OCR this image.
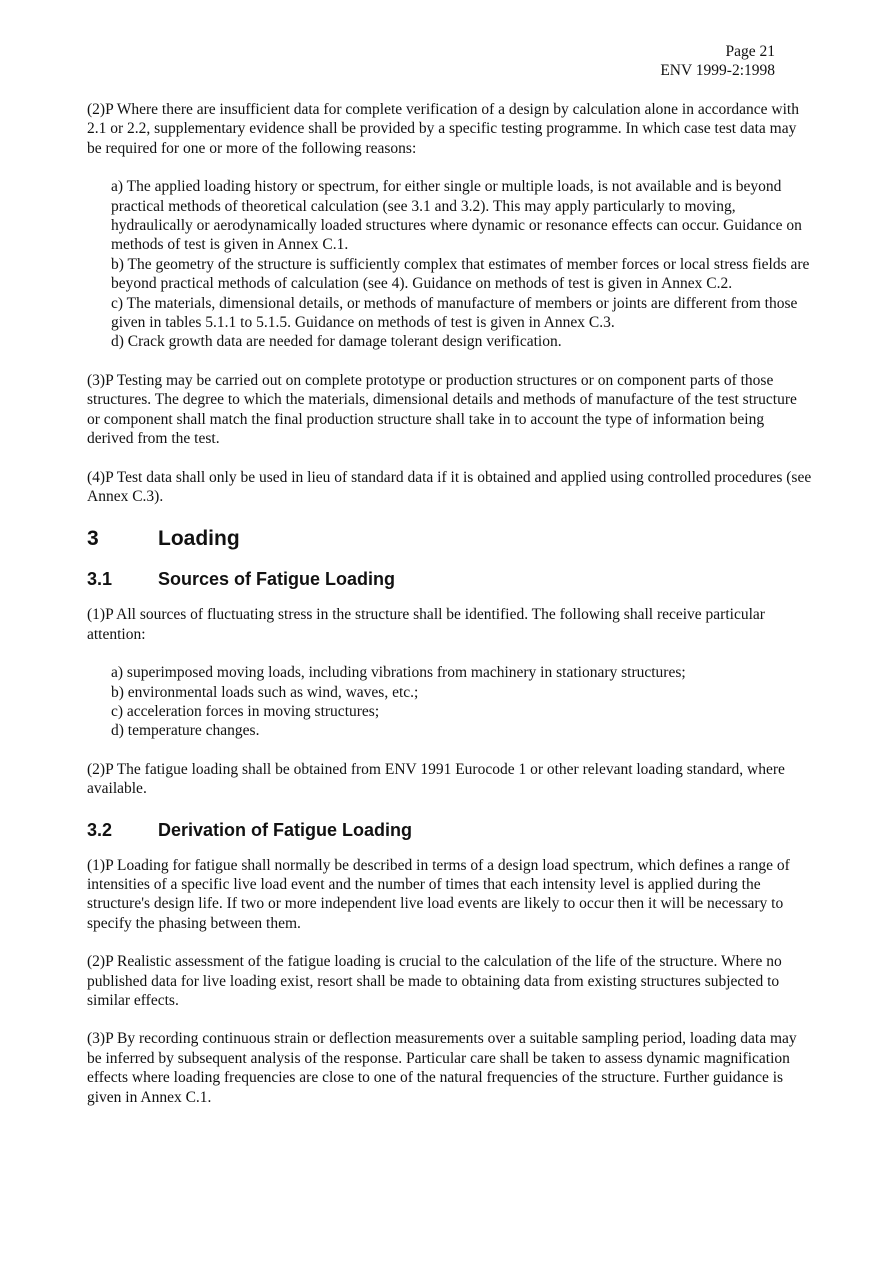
Page 21
ENV 1999-2:1998

(2)P Where there are insufficient data for complete verification of a design by calculation alone in accordance with 2.1 or 2.2, supplementary evidence shall be provided by a specific testing programme. In which case test data may be required for one or more of the following reasons:

a) The applied loading history or spectrum, for either single or multiple loads, is not available and is beyond practical methods of theoretical calculation (see 3.1 and 3.2). This may apply particularly to moving, hydraulically or aerodynamically loaded structures where dynamic or resonance effects can occur. Guidance on methods of test is given in Annex C.1.

b) The geometry of the structure is sufficiently complex that estimates of member forces or local stress fields are beyond practical methods of calculation (see 4). Guidance on methods of test is given in Annex C.2.

c) The materials, dimensional details, or methods of manufacture of members or joints are different from those given in tables 5.1.1 to 5.1.5. Guidance on methods of test is given in Annex C.3.

d) Crack growth data are needed for damage tolerant design verification.

(3)P Testing may be carried out on complete prototype or production structures or on component parts of those structures. The degree to which the materials, dimensional details and methods of manufacture of the test structure or component shall match the final production structure shall take in to account the type of information being derived from the test.

(4)P Test data shall only be used in lieu of standard data if it is obtained and applied using controlled procedures (see Annex C.3).

3	Loading
3.1	Sources of Fatigue Loading

(1)P All sources of fluctuating stress in the structure shall be identified. The following shall receive particular attention:

a) superimposed moving loads, including vibrations from machinery in stationary structures;

b) environmental loads such as wind, waves, etc.;

c) acceleration forces in moving structures;

d) temperature changes.

(2)P The fatigue loading shall be obtained from ENV 1991 Eurocode 1 or other relevant loading standard, where available.

3.2	Derivation of Fatigue Loading

(1)P Loading for fatigue shall normally be described in terms of a design load spectrum, which defines a range of intensities of a specific live load event and the number of times that each intensity level is applied during the structure's design life. If two or more independent live load events are likely to occur then it will be necessary to specify the phasing between them.

(2)P Realistic assessment of the fatigue loading is crucial to the calculation of the life of the structure. Where no published data for live loading exist, resort shall be made to obtaining data from existing structures subjected to similar effects.

(3)P By recording continuous strain or deflection measurements over a suitable sampling period, loading data may be inferred by subsequent analysis of the response. Particular care shall be taken to assess dynamic magnification effects where loading frequencies are close to one of the natural frequencies of the structure. Further guidance is given in Annex C.1.
